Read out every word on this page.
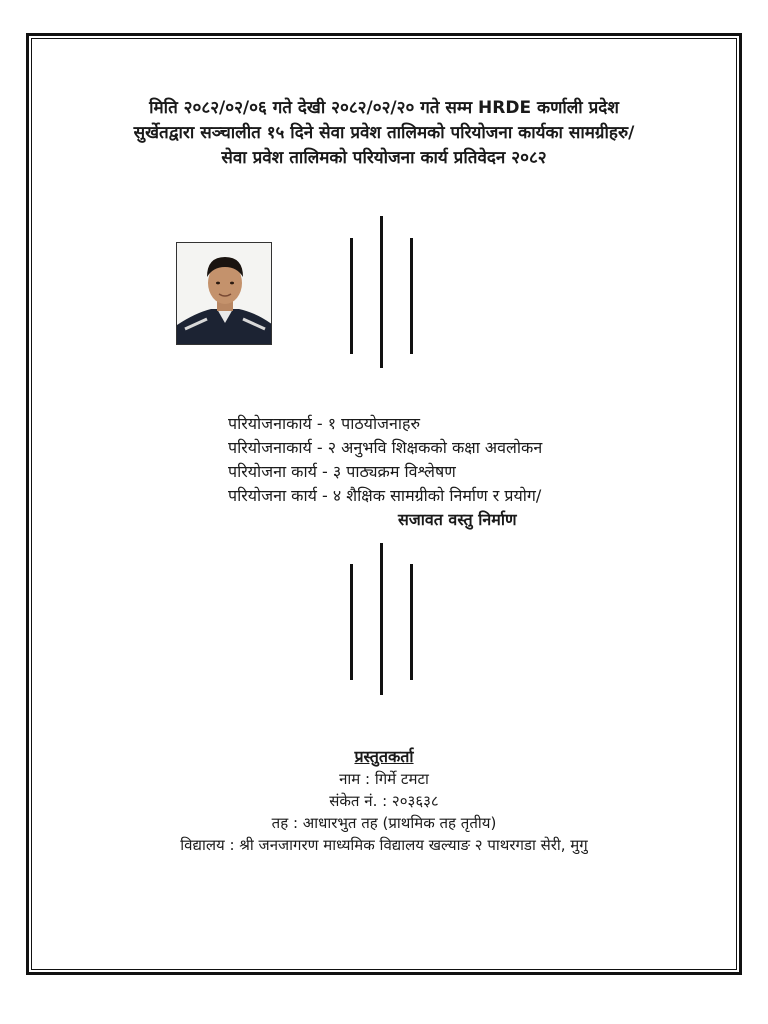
मिति २०८२/०२/०६ गते देखी २०८२/०२/२० गते सम्म HRDE कर्णाली प्रदेश
सुर्खेतद्वारा सञ्चालीत १५ दिने सेवा प्रवेश तालिमको परियोजना कार्यका सामग्रीहरु/
सेवा प्रवेश तालिमको परियोजना कार्य प्रतिवेदन २०८२
परियोजनाकार्य - १ पाठयोजनाहरु
परियोजनाकार्य - २ अनुभवि शिक्षकको कक्षा अवलोकन
परियोजना कार्य - ३ पाठ्यक्रम विश्लेषण
परियोजना कार्य - ४ शैक्षिक सामग्रीको निर्माण र प्रयोग/
सजावत वस्तु निर्माण
प्रस्तुतकर्ता
नाम : गिर्मे टमटा
संकेत नं. : २०३६३८
तह : आधारभुत तह (प्राथमिक तह तृतीय)
विद्यालय : श्री जनजागरण माध्यमिक विद्यालय खल्याङ २ पाथरगडा सेरी, मुगु
